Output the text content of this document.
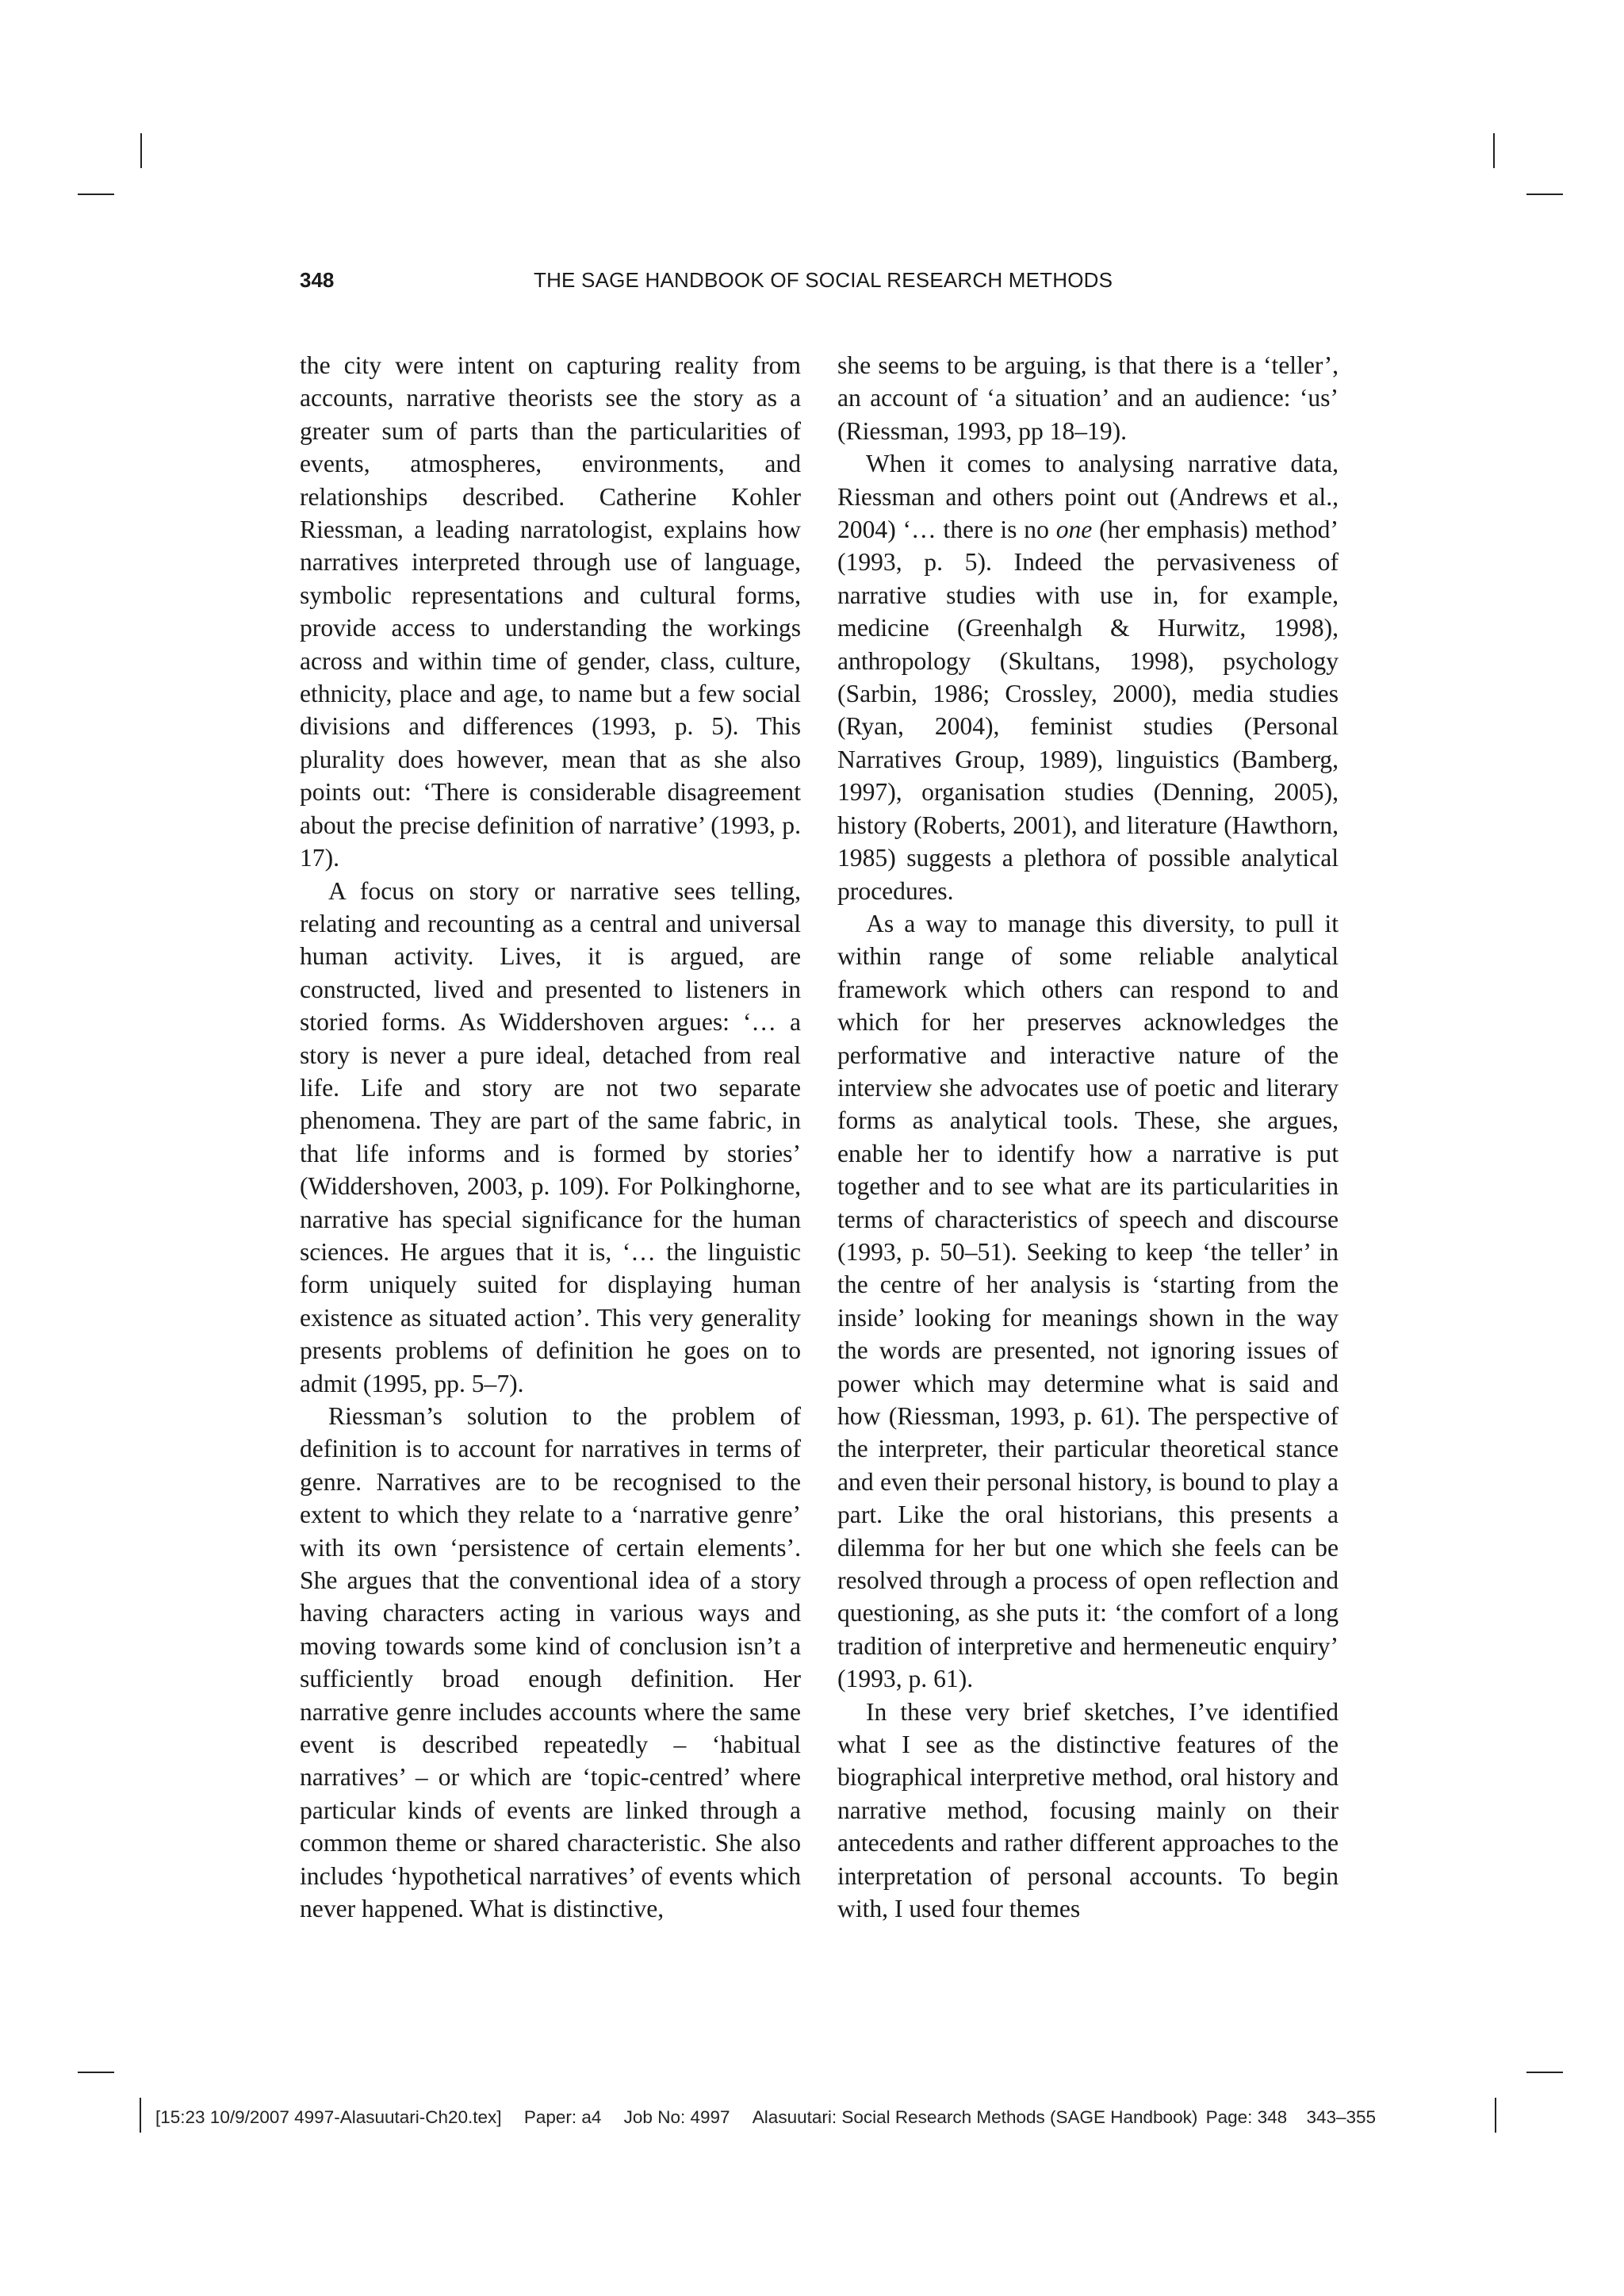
348	THE SAGE HANDBOOK OF SOCIAL RESEARCH METHODS

the city were intent on capturing reality from accounts, narrative theorists see the story as a greater sum of parts than the particularities of events, atmospheres, environments, and relationships described. Catherine Kohler Riessman, a leading narratologist, explains how narratives interpreted through use of language, symbolic representations and cultural forms, provide access to understanding the workings across and within time of gender, class, culture, ethnicity, place and age, to name but a few social divisions and differences (1993, p. 5). This plurality does however, mean that as she also points out: ‘There is considerable disagreement about the precise definition of narrative’ (1993, p. 17).

A focus on story or narrative sees telling, relating and recounting as a central and universal human activity. Lives, it is argued, are constructed, lived and presented to listeners in storied forms. As Widdershoven argues: ‘… a story is never a pure ideal, detached from real life. Life and story are not two separate phenomena. They are part of the same fabric, in that life informs and is formed by stories’ (Widdershoven, 2003, p. 109). For Polkinghorne, narrative has special significance for the human sciences. He argues that it is, ‘… the linguistic form uniquely suited for displaying human existence as situated action’. This very generality presents problems of definition he goes on to admit (1995, pp. 5–7).

Riessman’s solution to the problem of definition is to account for narratives in terms of genre. Narratives are to be recognised to the extent to which they relate to a ‘narrative genre’ with its own ‘persistence of certain elements’. She argues that the conventional idea of a story having characters acting in various ways and moving towards some kind of conclusion isn’t a sufficiently broad enough definition. Her narrative genre includes accounts where the same event is described repeatedly – ‘habitual narratives’ – or which are ‘topic-centred’ where particular kinds of events are linked through a common theme or shared characteristic. She also includes ‘hypothetical narratives’ of events which never happened. What is distinctive,

she seems to be arguing, is that there is a ‘teller’, an account of ‘a situation’ and an audience: ‘us’ (Riessman, 1993, pp 18–19).

When it comes to analysing narrative data, Riessman and others point out (Andrews et al., 2004) ‘… there is no one (her emphasis) method’ (1993, p. 5). Indeed the pervasiveness of narrative studies with use in, for example, medicine (Greenhalgh & Hurwitz, 1998), anthropology (Skultans, 1998), psychology (Sarbin, 1986; Crossley, 2000), media studies (Ryan, 2004), feminist studies (Personal Narratives Group, 1989), linguistics (Bamberg, 1997), organisation studies (Denning, 2005), history (Roberts, 2001), and literature (Hawthorn, 1985) suggests a plethora of possible analytical procedures.

As a way to manage this diversity, to pull it within range of some reliable analytical framework which others can respond to and which for her preserves acknowledges the performative and interactive nature of the interview she advocates use of poetic and literary forms as analytical tools. These, she argues, enable her to identify how a narrative is put together and to see what are its particularities in terms of characteristics of speech and discourse (1993, p. 50–51). Seeking to keep ‘the teller’ in the centre of her analysis is ‘starting from the inside’ looking for meanings shown in the way the words are presented, not ignoring issues of power which may determine what is said and how (Riessman, 1993, p. 61). The perspective of the interpreter, their particular theoretical stance and even their personal history, is bound to play a part. Like the oral historians, this presents a dilemma for her but one which she feels can be resolved through a process of open reflection and questioning, as she puts it: ‘the comfort of a long tradition of interpretive and hermeneutic enquiry’ (1993, p. 61).

In these very brief sketches, I’ve identified what I see as the distinctive features of the biographical interpretive method, oral history and narrative method, focusing mainly on their antecedents and rather different approaches to the interpretation of personal accounts. To begin with, I used four themes

[15:23 10/9/2007 4997-Alasuutari-Ch20.tex] Paper: a4 Job No: 4997 Alasuutari: Social Research Methods (SAGE Handbook) Page: 348 343–355
